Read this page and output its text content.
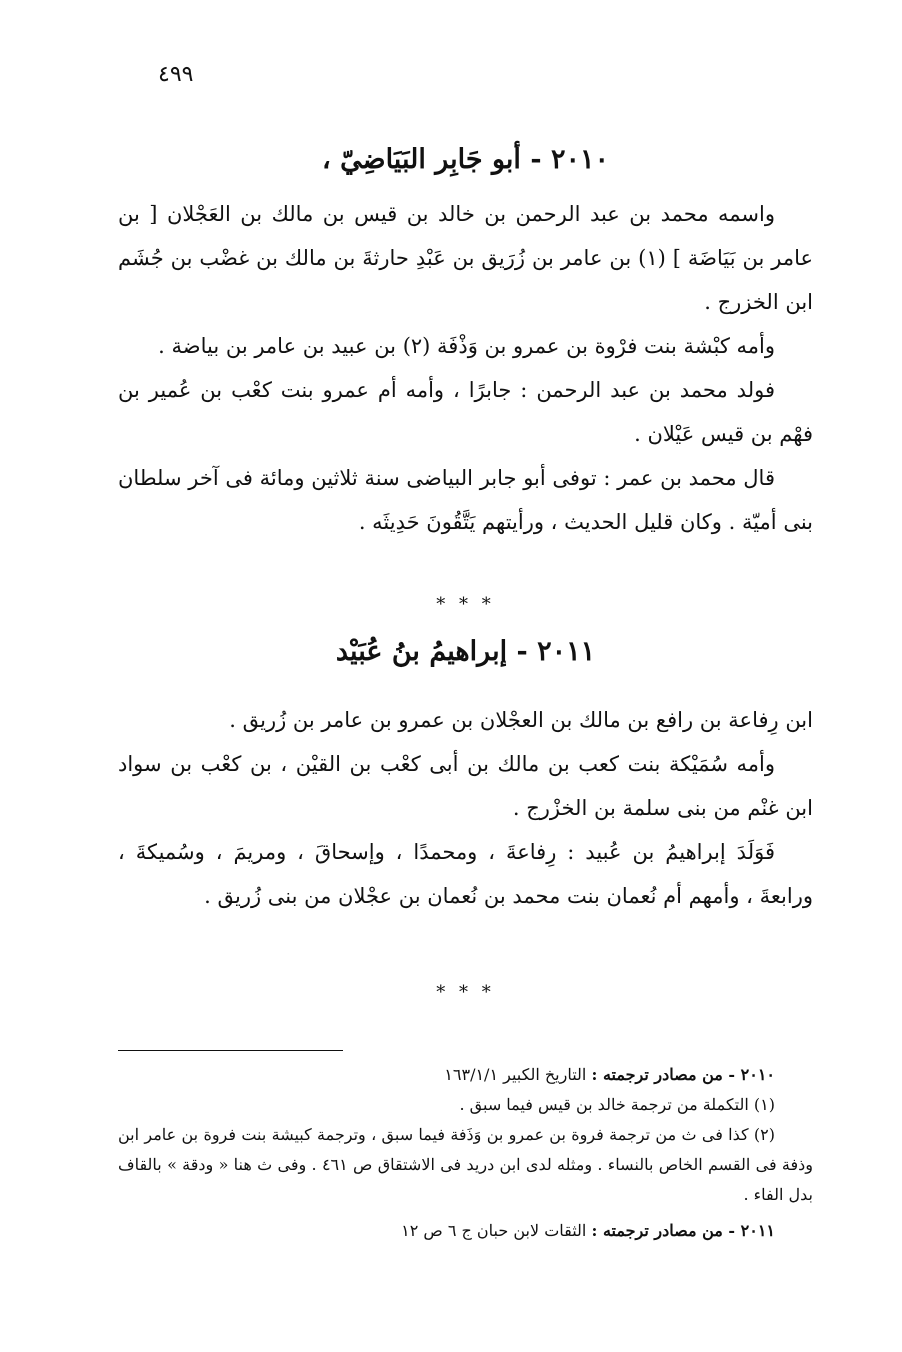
٤٩٩
٢٠١٠ - أبو جَابِر البَيَاضِيّ ،

واسمه محمد بن عبد الرحمن بن خالد بن قيس بن مالك بن العَجْلان [ بن عامر بن بَيَاضَة ] (١) بن عامر بن زُرَيق بن عَبْدِ حارثةَ بن مالك بن غضْب بن جُشَم ابن الخزرج .

وأمه كبْشة بنت فرْوة بن عمرو بن وَذْفَة (٢) بن عبيد بن عامر بن بياضة .

فولد محمد بن عبد الرحمن : جابرًا ، وأمه أم عمرو بنت كعْب بن عُمير بن فهْم بن قيس عَيْلان .

قال محمد بن عمر : توفى أبو جابر البياضى سنة ثلاثين ومائة فى آخر سلطان بنى أميّة . وكان قليل الحديث ، ورأيتهم يَتَّقُونَ حَدِيثَه .

* * *
٢٠١١ - إبراهيمُ بنُ عُبَيْد

ابن رِفاعة بن رافع بن مالك بن العجْلان بن عمرو بن عامر بن زُريق .

وأمه سُمَيْكة بنت كعب بن مالك بن أبى كعْب بن القيْن ، بن كعْب بن سواد ابن غنْم من بنى سلمة بن الخزْرج .

فَوَلَدَ إبراهيمُ بن عُبيد : رِفاعةَ ، ومحمدًا ، وإسحاقَ ، ومريمَ ، وسُميكةَ ، ورابعةَ ، وأمهم أم نُعمان بنت محمد بن نُعمان بن عجْلان من بنى زُريق .

* * *

٢٠١٠ - من مصادر ترجمته : التاريخ الكبير ١٦٣/١/١

(١) التكملة من ترجمة خالد بن قيس فيما سبق .

(٢) كذا فى ث من ترجمة فروة بن عمرو بن وَذَفة فيما سبق ، وترجمة كبيشة بنت فروة بن عامر ابن وذفة فى القسم الخاص بالنساء . ومثله لدى ابن دريد فى الاشتقاق ص ٤٦١ . وفى ث هنا « ودقة » بالقاف بدل الفاء .

٢٠١١ - من مصادر ترجمته : الثقات لابن حبان ج ٦ ص ١٢
